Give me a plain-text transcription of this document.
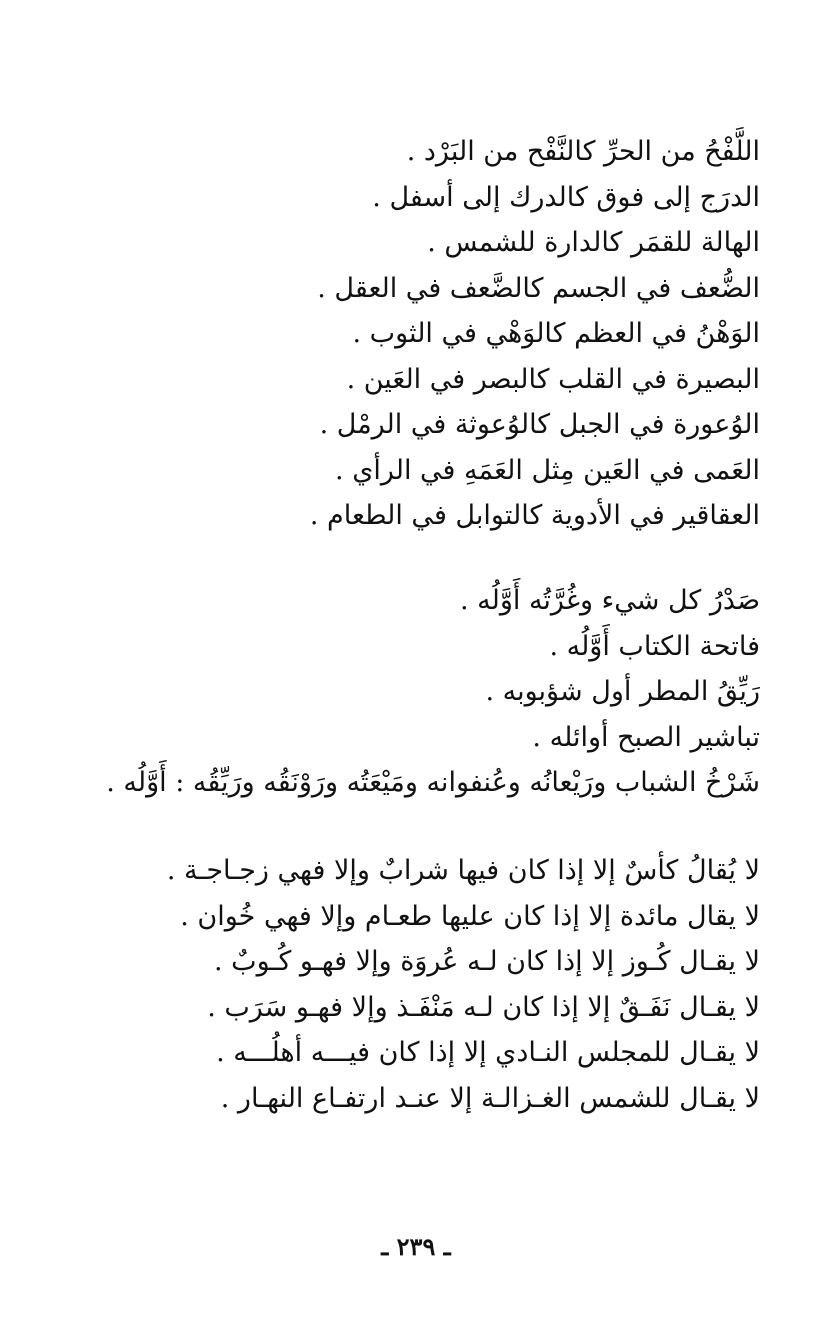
اللَّفْحُ من الحرِّ كالنَّفْح من البَرْد .
الدرَج إلى فوق كالدرك إلى أسفل .
الهالة للقمَر كالدارة للشمس .
الضُّعف في الجسم كالضَّعف في العقل .
الوَهْنُ في العظم كالوَهْي في الثوب .
البصيرة في القلب كالبصر في العَين .
الوُعورة في الجبل كالوُعوثة في الرمْل .
العَمى في العَين مِثل العَمَهِ في الرأي .
العقاقير في الأدوية كالتوابل في الطعام .
صَدْرُ كل شيء وغُرَّتُه أَوَّلُه .
فاتحة الكتاب أَوَّلُه .
رَيِّقُ المطر أول شؤبوبه .
تباشير الصبح أوائله .
شَرْخُ الشباب ورَيْعانُه وعُنفوانه ومَيْعَتُه ورَوْنَقُه ورَيِّقُه : أَوَّلُه .
لا يُقالُ كأسٌ إلا إذا كان فيها شرابٌ وإلا فهي زجـاجـة .
لا يقال مائدة إلا إذا كان عليها طعـام وإلا فهي خُوان .
لا يقـال كُـوز إلا إذا كان لـه عُروَة وإلا فهـو كُـوبٌ .
لا يقـال نَفَـقٌ إلا إذا كان لـه مَنْفَـذ وإلا فهـو سَرَب .
لا يقـال للمجلس النـادي إلا إذا كان فيـــه أهلُـــه .
لا يقـال للشمس الغـزالـة إلا عنـد ارتفـاع النهـار .
ـ ٢٣٩ ـ
